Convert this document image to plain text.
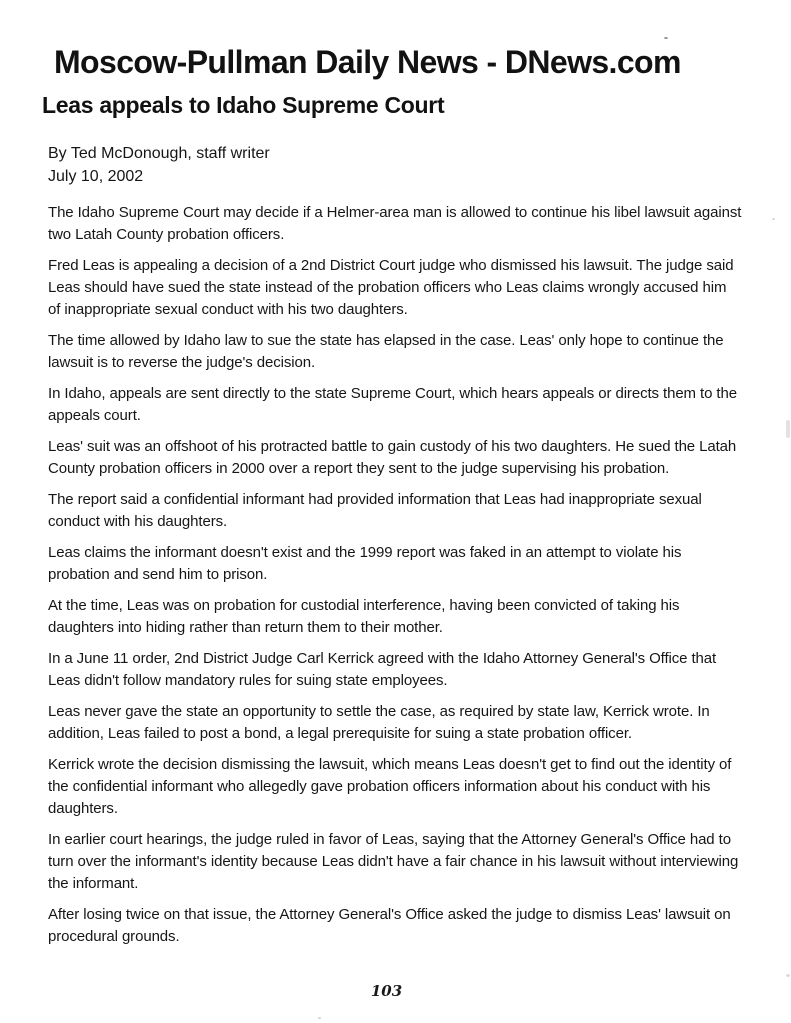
Moscow-Pullman Daily News - DNews.com
Leas appeals to Idaho Supreme Court

By Ted McDonough, staff writer

July 10, 2002

The Idaho Supreme Court may decide if a Helmer-area man is allowed to continue his libel lawsuit against two Latah County probation officers.

Fred Leas is appealing a decision of a 2nd District Court judge who dismissed his lawsuit. The judge said Leas should have sued the state instead of the probation officers who Leas claims wrongly accused him of inappropriate sexual conduct with his two daughters.

The time allowed by Idaho law to sue the state has elapsed in the case. Leas' only hope to continue the lawsuit is to reverse the judge's decision.

In Idaho, appeals are sent directly to the state Supreme Court, which hears appeals or directs them to the appeals court.

Leas' suit was an offshoot of his protracted battle to gain custody of his two daughters. He sued the Latah County probation officers in 2000 over a report they sent to the judge supervising his probation.

The report said a confidential informant had provided information that Leas had inappropriate sexual conduct with his daughters.

Leas claims the informant doesn't exist and the 1999 report was faked in an attempt to violate his probation and send him to prison.

At the time, Leas was on probation for custodial interference, having been convicted of taking his daughters into hiding rather than return them to their mother.

In a June 11 order, 2nd District Judge Carl Kerrick agreed with the Idaho Attorney General's Office that Leas didn't follow mandatory rules for suing state employees.

Leas never gave the state an opportunity to settle the case, as required by state law, Kerrick wrote. In addition, Leas failed to post a bond, a legal prerequisite for suing a state probation officer.

Kerrick wrote the decision dismissing the lawsuit, which means Leas doesn't get to find out the identity of the confidential informant who allegedly gave probation officers information about his conduct with his daughters.

In earlier court hearings, the judge ruled in favor of Leas, saying that the Attorney General's Office had to turn over the informant's identity because Leas didn't have a fair chance in his lawsuit without interviewing the informant.

After losing twice on that issue, the Attorney General's Office asked the judge to dismiss Leas' lawsuit on procedural grounds.

103
